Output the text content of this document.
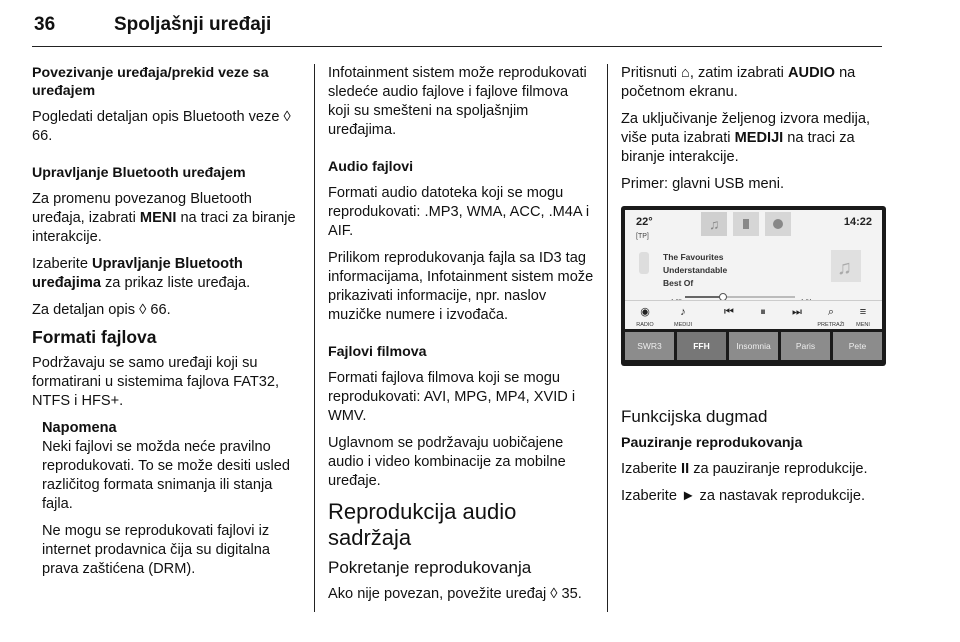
36	Spoljašnji uređaji

Povezivanje uređaja/prekid veze sa uređajem

Pogledati detaljan opis Bluetooth veze ◊ 66.

Upravljanje Bluetooth uređajem

Za promenu povezanog Bluetooth uređaja, izabrati MENI na traci za biranje interakcije.

Izaberite Upravljanje Bluetooth uređajima za prikaz liste uređaja.

Za detaljan opis ◊ 66.

Formati fajlova

Podržavaju se samo uređaji koji su formatirani u sistemima fajlova FAT32, NTFS i HFS+.

Napomena

Neki fajlovi se možda neće pravilno reprodukovati. To se može desiti usled različitog formata snimanja ili stanja fajla.

Ne mogu se reprodukovati fajlovi iz internet prodavnica čija su digitalna prava zaštićena (DRM).

Infotainment sistem može reprodukovati sledeće audio fajlove i fajlove filmova koji su smešteni na spoljašnjim uređajima.

Audio fajlovi

Formati audio datoteka koji se mogu reprodukovati: .MP3, WMA, ACC, .M4A i AIF.

Prilikom reprodukovanja fajla sa ID3 tag informacijama, Infotainment sistem može prikazivati informacije, npr. naslov muzičke numere i izvođača.

Fajlovi filmova

Formati fajlova filmova koji se mogu reprodukovati: AVI, MPG, MP4, XVID i WMV.

Uglavnom se podržavaju uobičajene audio i video kombinacije za mobilne uređaje.

Reprodukcija audio sadržaja

Pokretanje reprodukovanja

Ako nije povezan, povežite uređaj ◊ 35.

Pritisnuti ⌂, zatim izabrati AUDIO na početnom ekranu.

Za uključivanje željenog izvora medija, više puta izabrati MEDIJI na traci za biranje interakcije.

Primer: glavni USB meni.

22°
[TP]
14:22
♫
The Favourites
Understandable
Best Of
♫
◉
RADIO
♪
MEDIJI
⏮	⏸	⏭	⌕
PRETRAŽI
≡
MENI
SWR3	FFH	Insomnia	Paris	Pete

Funkcijska dugmad

Pauziranje reprodukovanja

Izaberite II za pauziranje reprodukcije.

Izaberite ► za nastavak reprodukcije.
